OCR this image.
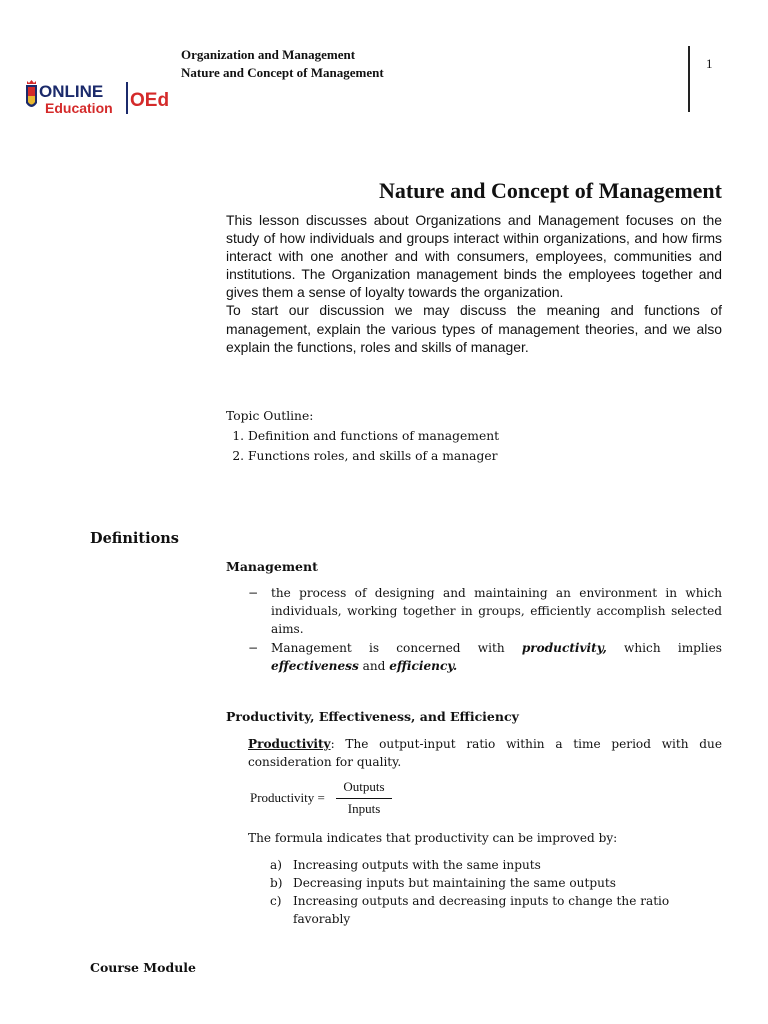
Organization and Management
Nature and Concept of Management
1
ONLINE
Education OEd
Nature and Concept of Management

This lesson discusses about Organizations and Management focuses on the study of how individuals and groups interact within organizations, and how firms interact with one another and with consumers, employees, communities and institutions. The Organization management binds the employees together and gives them a sense of loyalty towards the organization.

To start our discussion we may discuss the meaning and functions of management, explain the various types of management theories, and we also explain the functions, roles and skills of manager.

Topic Outline:
1. Definition and functions of management
2. Functions roles, and skills of a manager
Definitions
Management
− the process of designing and maintaining an environment in which individuals, working together in groups, efficiently accomplish selected aims.
− Management is concerned with productivity, which implies effectiveness and efficiency.
Productivity, Effectiveness, and Efficiency
Productivity: The output-input ratio within a time period with due consideration for quality.
Productivity =
Outputs
Inputs
The formula indicates that productivity can be improved by:
a) Increasing outputs with the same inputs
b) Decreasing inputs but maintaining the same outputs
c) Increasing outputs and decreasing inputs to change the ratio favorably
Course Module
